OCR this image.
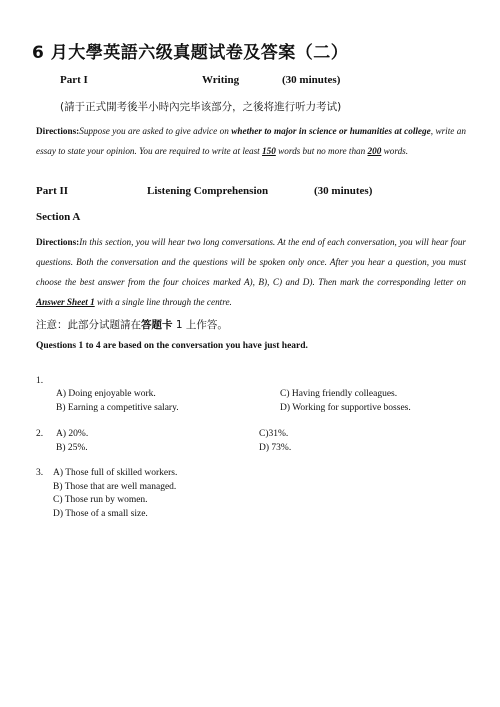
6 月大學英語六级真题试卷及答案（二）
Part I	Writing	(30 minutes)
(請于正式開考後半小時內完毕该部分，之後将進行听力考试)
Directions:Suppose you are asked to give advice on whether to major in science or humanities at college, write an essay to state your opinion. You are required to write at least 150 words but no more than 200 words.
Part II	Listening Comprehension	(30 minutes)
Section A
Directions:In this section, you will hear two long conversations. At the end of each conversation, you will hear four questions. Both the conversation and the questions will be spoken only once. After you hear a question, you must choose the best answer from the four choices marked A), B), C) and D). Then mark the corresponding letter on Answer Sheet 1 with a single line through the centre.
注意：此部分试题請在答题卡 1 上作答。
Questions 1 to 4 are based on the conversation you have just heard.
1.
A) Doing enjoyable work.
B) Earning a competitive salary.
C) Having friendly colleagues.
D) Working for supportive bosses.
2. A) 20%.
B) 25%.
C)31%.
D) 73%.
3. A) Those full of skilled workers.
B) Those that are well managed.
C) Those run by women.
D) Those of a small size.
